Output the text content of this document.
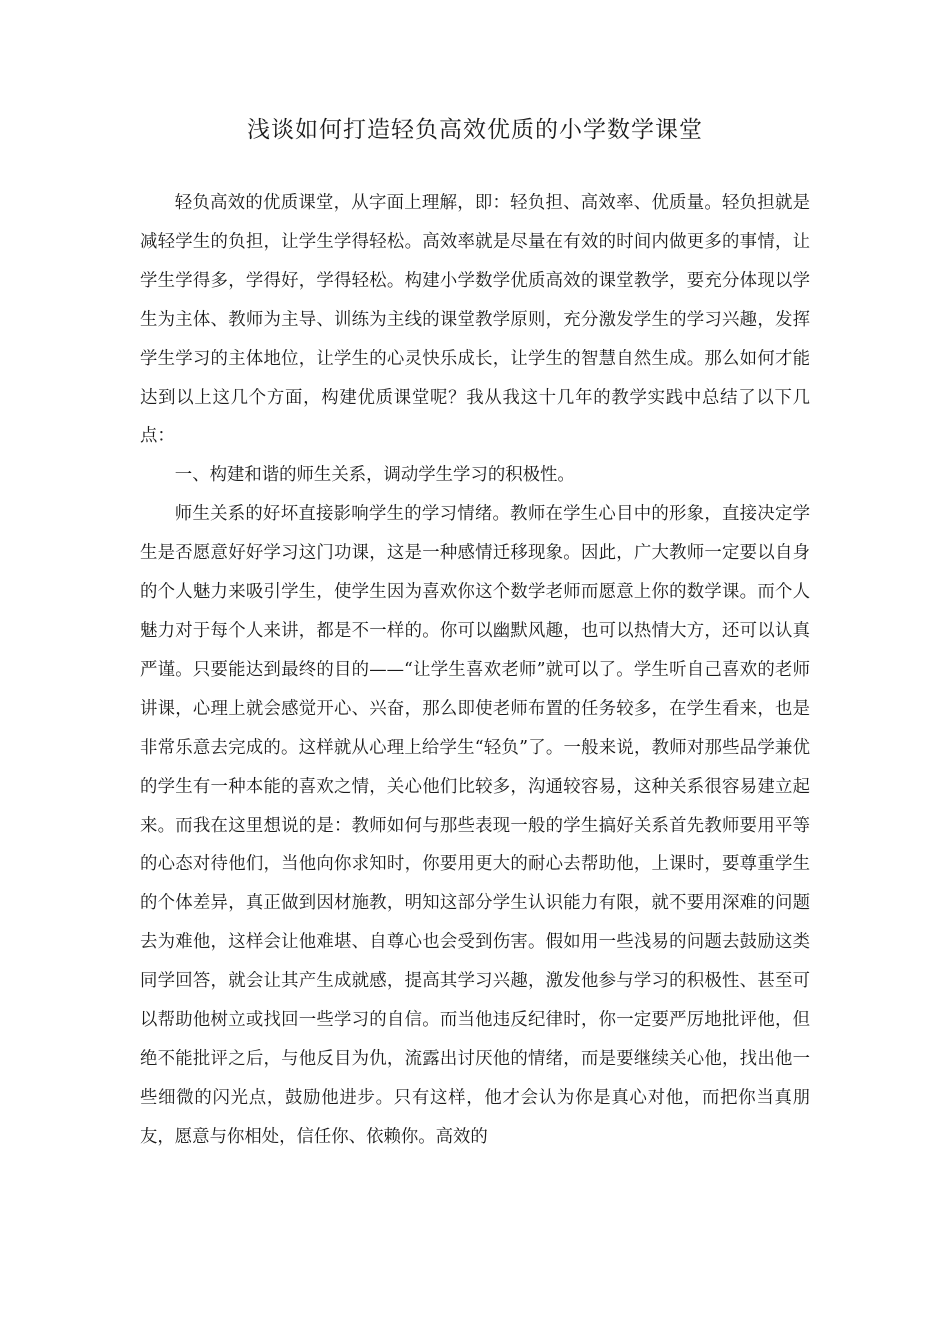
浅谈如何打造轻负高效优质的小学数学课堂

轻负高效的优质课堂，从字面上理解，即：轻负担、高效率、优质量。轻负担就是减轻学生的负担，让学生学得轻松。高效率就是尽量在有效的时间内做更多的事情，让学生学得多，学得好，学得轻松。构建小学数学优质高效的课堂教学，要充分体现以学生为主体、教师为主导、训练为主线的课堂教学原则，充分激发学生的学习兴趣，发挥学生学习的主体地位，让学生的心灵快乐成长，让学生的智慧自然生成。那么如何才能达到以上这几个方面，构建优质课堂呢？我从我这十几年的教学实践中总结了以下几点：

一、构建和谐的师生关系，调动学生学习的积极性。

师生关系的好坏直接影响学生的学习情绪。教师在学生心目中的形象，直接决定学生是否愿意好好学习这门功课，这是一种感情迁移现象。因此，广大教师一定要以自身的个人魅力来吸引学生，使学生因为喜欢你这个数学老师而愿意上你的数学课。而个人魅力对于每个人来讲，都是不一样的。你可以幽默风趣，也可以热情大方，还可以认真严谨。只要能达到最终的目的——“让学生喜欢老师”就可以了。学生听自己喜欢的老师讲课，心理上就会感觉开心、兴奋，那么即使老师布置的任务较多，在学生看来，也是非常乐意去完成的。这样就从心理上给学生“轻负”了。一般来说，教师对那些品学兼优的学生有一种本能的喜欢之情，关心他们比较多，沟通较容易，这种关系很容易建立起来。而我在这里想说的是：教师如何与那些表现一般的学生搞好关系首先教师要用平等的心态对待他们，当他向你求知时，你要用更大的耐心去帮助他，上课时，要尊重学生的个体差异，真正做到因材施教，明知这部分学生认识能力有限，就不要用深难的问题去为难他，这样会让他难堪、自尊心也会受到伤害。假如用一些浅易的问题去鼓励这类同学回答，就会让其产生成就感，提高其学习兴趣，激发他参与学习的积极性、甚至可以帮助他树立或找回一些学习的自信。而当他违反纪律时，你一定要严厉地批评他，但绝不能批评之后，与他反目为仇，流露出讨厌他的情绪，而是要继续关心他，找出他一些细微的闪光点，鼓励他进步。只有这样，他才会认为你是真心对他，而把你当真朋友，愿意与你相处，信任你、依赖你。高效的
